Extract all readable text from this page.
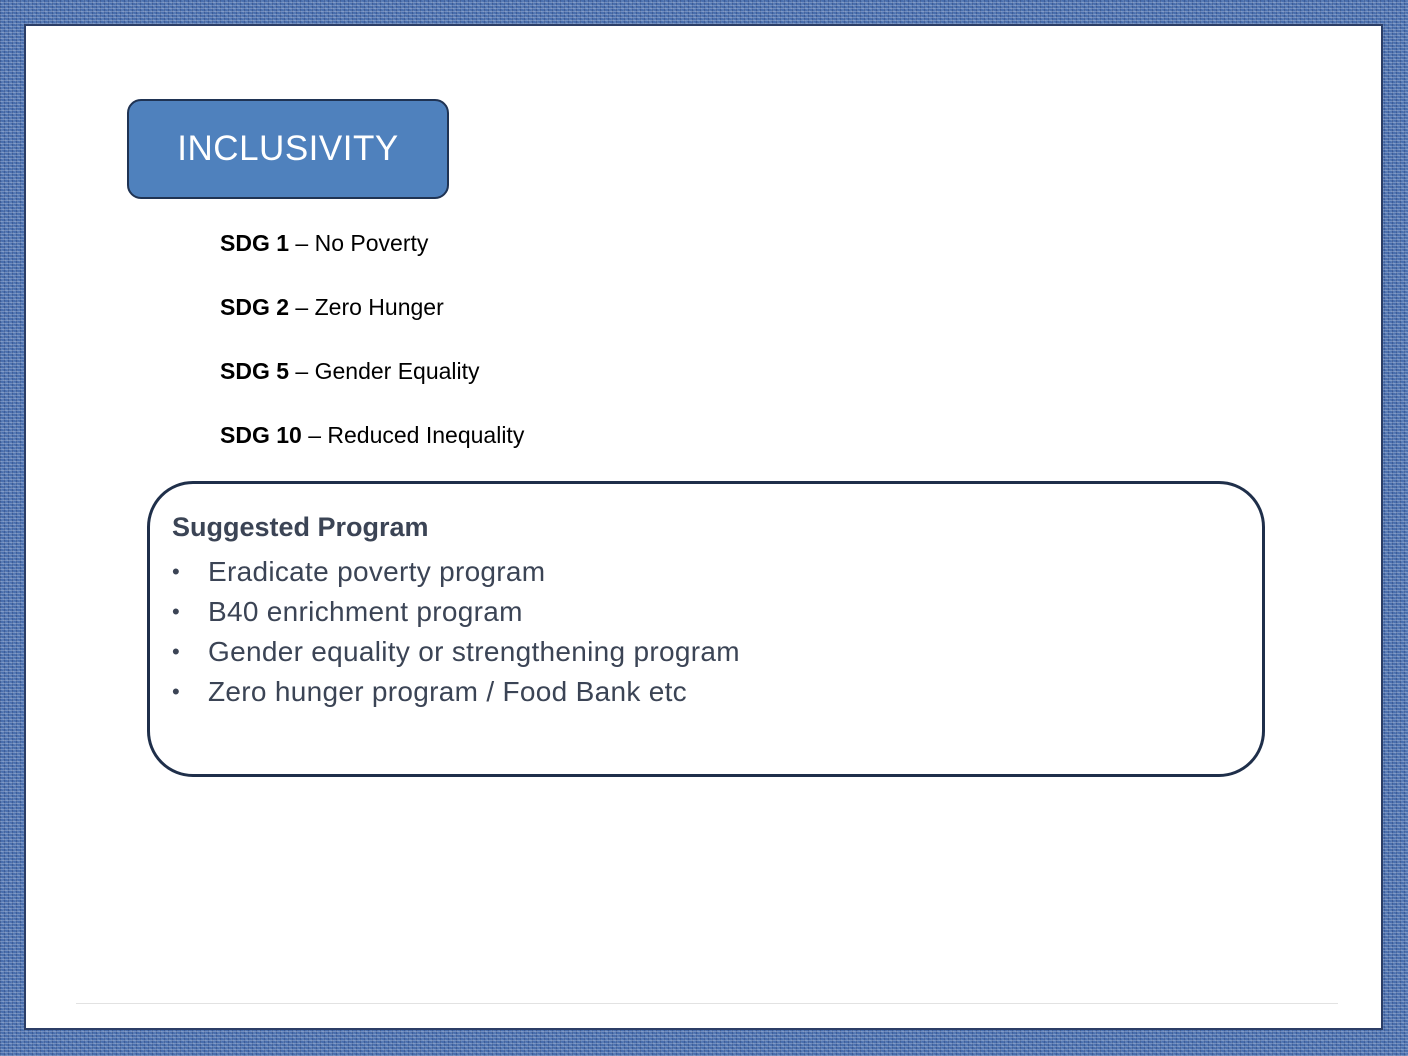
INCLUSIVITY
SDG 1 – No Poverty
SDG 2 – Zero Hunger
SDG 5 – Gender Equality
SDG 10 – Reduced Inequality
Suggested Program
• Eradicate poverty program
• B40 enrichment program
• Gender equality or strengthening program
• Zero hunger program / Food Bank etc
